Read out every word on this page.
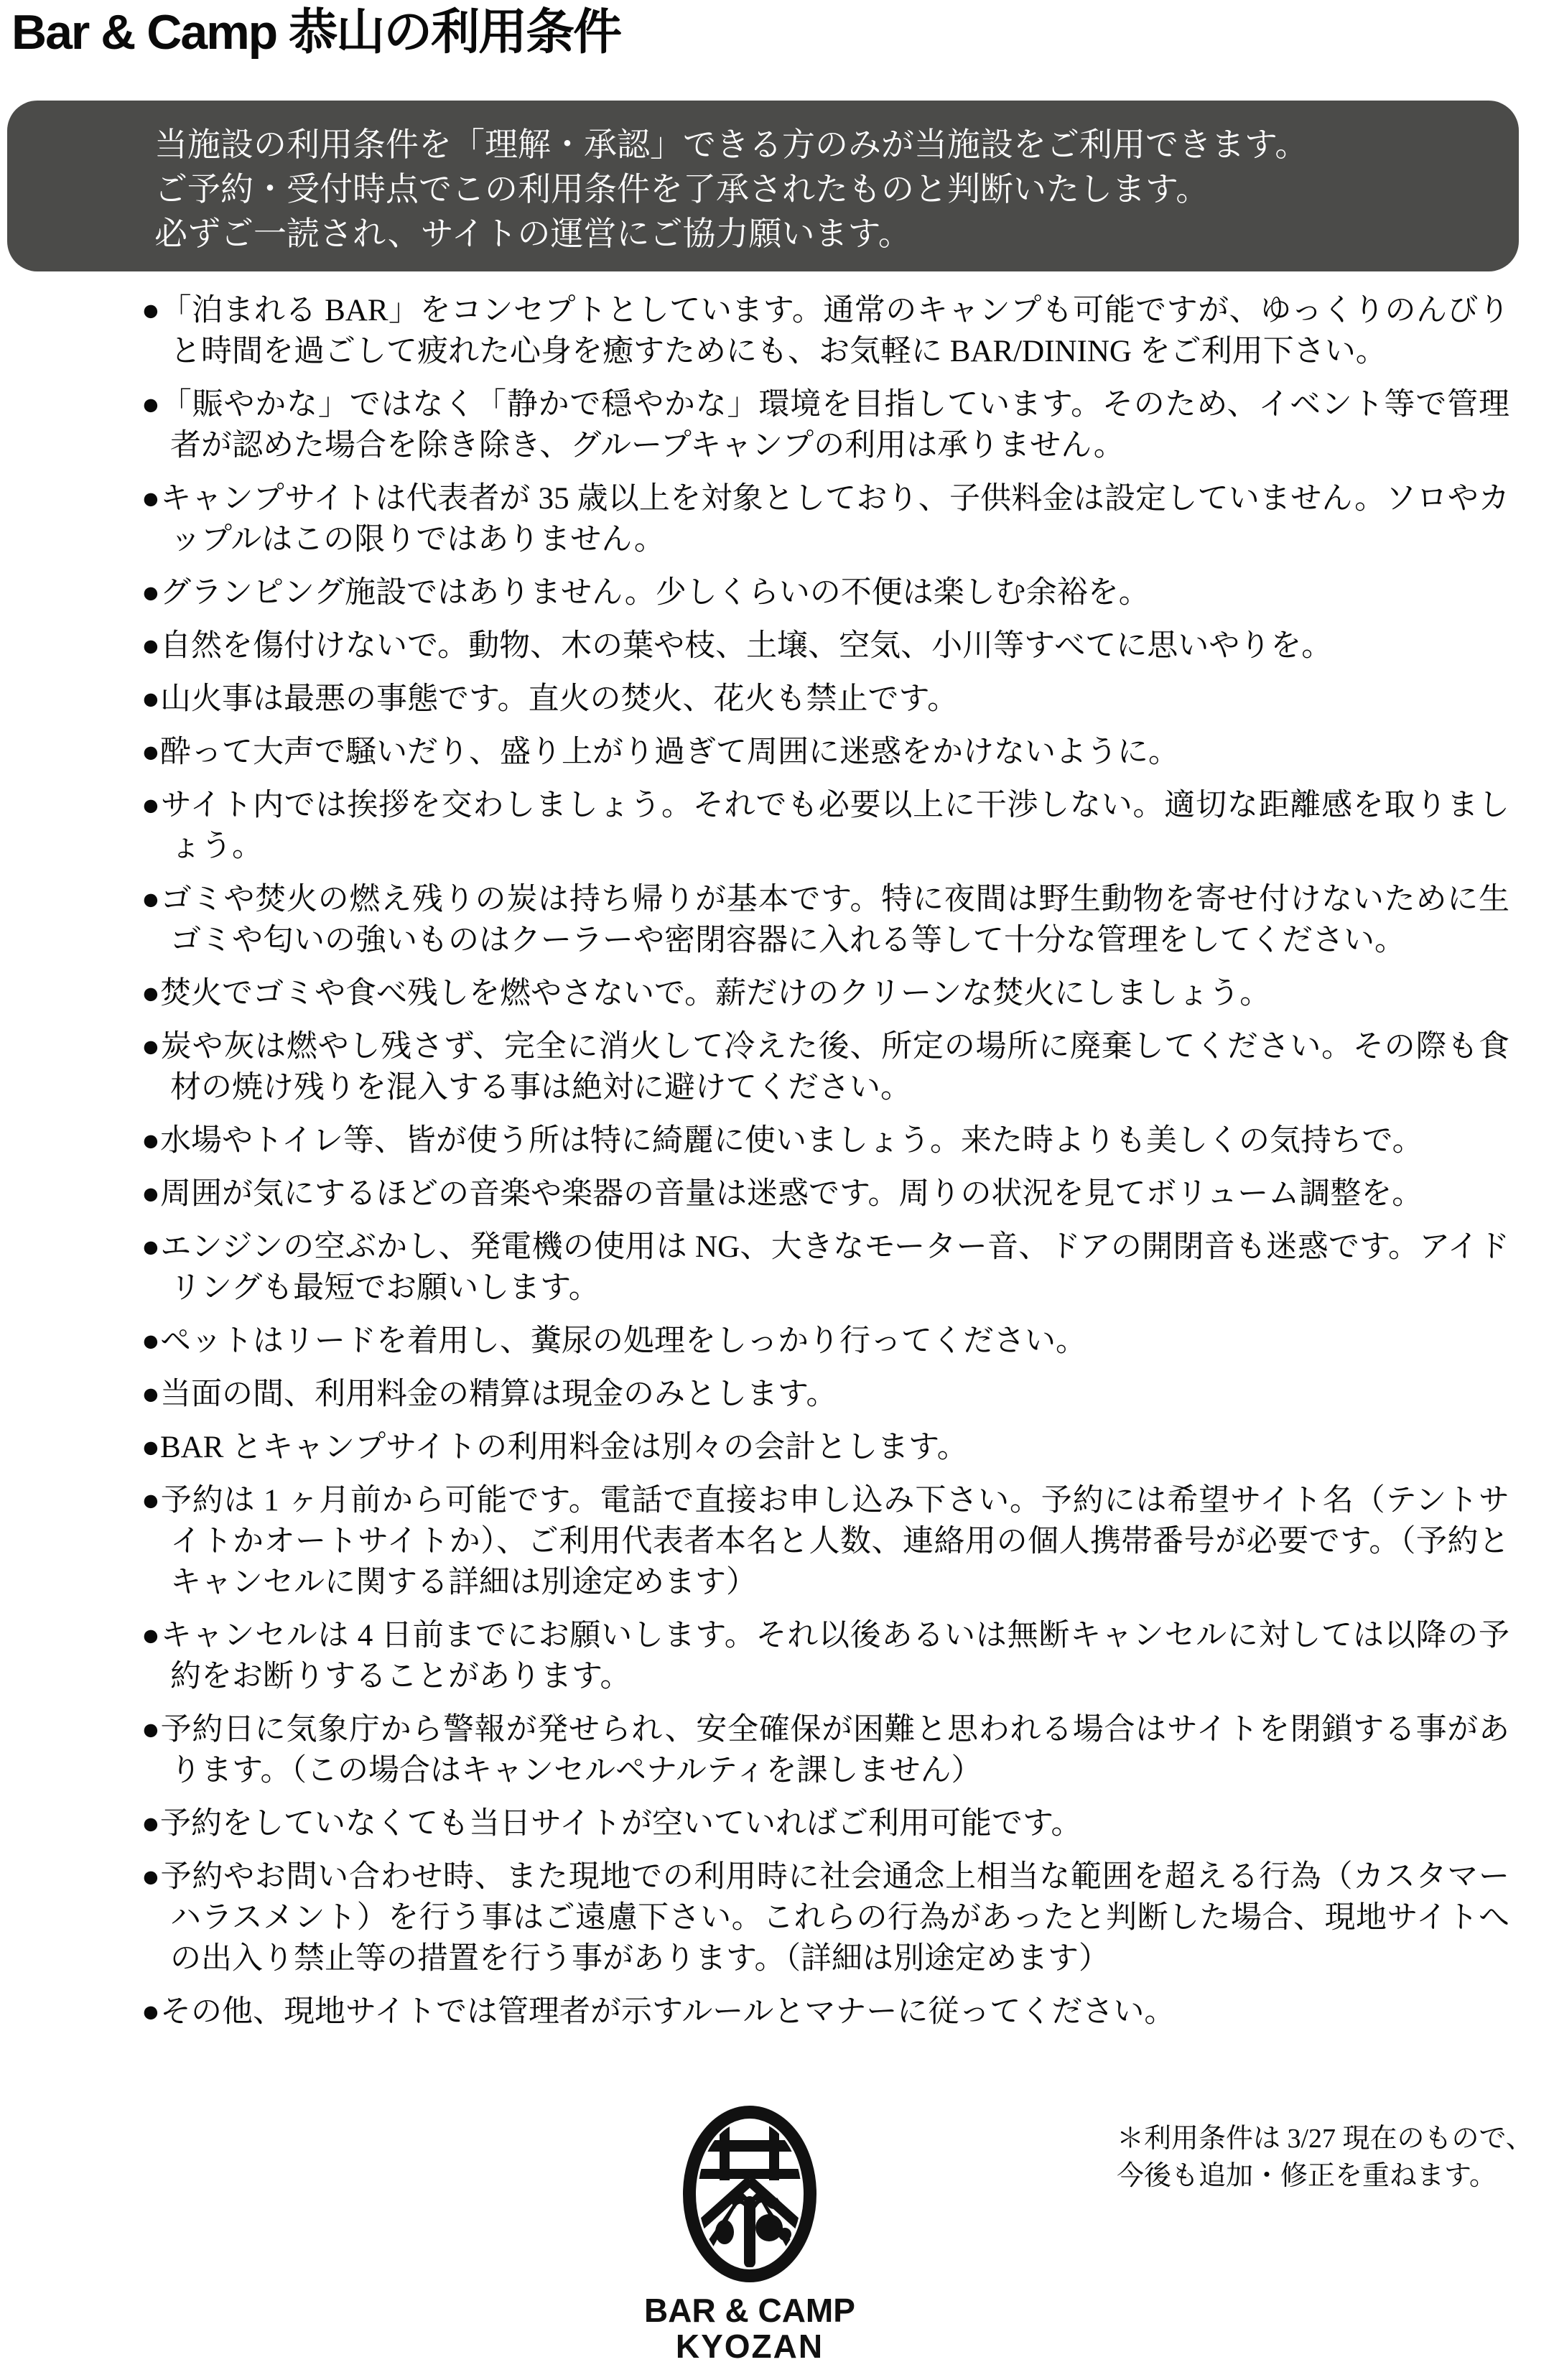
Bar & Camp 恭山の利用条件
当施設の利用条件を「理解・承認」できる方のみが当施設をご利用できます。
ご予約・受付時点でこの利用条件を了承されたものと判断いたします。
必ずご一読され、サイトの運営にご協力願います。
●「泊まれる BAR」をコンセプトとしています。通常のキャンプも可能ですが、ゆっくりのんびりと時間を過ごして疲れた心身を癒すためにも、お気軽に BAR/DINING をご利用下さい。
●「賑やかな」ではなく「静かで穏やかな」環境を目指しています。そのため、イベント等で管理者が認めた場合を除き除き、グループキャンプの利用は承りません。
●キャンプサイトは代表者が 35 歳以上を対象としており、子供料金は設定していません。ソロやカップルはこの限りではありません。
●グランピング施設ではありません。少しくらいの不便は楽しむ余裕を。
●自然を傷付けないで。動物、木の葉や枝、土壌、空気、小川等すべてに思いやりを。
●山火事は最悪の事態です。直火の焚火、花火も禁止です。
●酔って大声で騒いだり、盛り上がり過ぎて周囲に迷惑をかけないように。
●サイト内では挨拶を交わしましょう。それでも必要以上に干渉しない。適切な距離感を取りましょう。
●ゴミや焚火の燃え残りの炭は持ち帰りが基本です。特に夜間は野生動物を寄せ付けないために生ゴミや匂いの強いものはクーラーや密閉容器に入れる等して十分な管理をしてください。
●焚火でゴミや食べ残しを燃やさないで。薪だけのクリーンな焚火にしましょう。
●炭や灰は燃やし残さず、完全に消火して冷えた後、所定の場所に廃棄してください。その際も食材の焼け残りを混入する事は絶対に避けてください。
●水場やトイレ等、皆が使う所は特に綺麗に使いましょう。来た時よりも美しくの気持ちで。
●周囲が気にするほどの音楽や楽器の音量は迷惑です。周りの状況を見てボリューム調整を。
●エンジンの空ぶかし、発電機の使用は NG、大きなモーター音、ドアの開閉音も迷惑です。アイドリングも最短でお願いします。
●ペットはリードを着用し、糞尿の処理をしっかり行ってください。
●当面の間、利用料金の精算は現金のみとします。
●BAR とキャンプサイトの利用料金は別々の会計とします。
●予約は 1 ヶ月前から可能です。電話で直接お申し込み下さい。予約には希望サイト名（テントサイトかオートサイトか）、ご利用代表者本名と人数、連絡用の個人携帯番号が必要です。（予約とキャンセルに関する詳細は別途定めます）
●キャンセルは 4 日前までにお願いします。それ以後あるいは無断キャンセルに対しては以降の予約をお断りすることがあります。
●予約日に気象庁から警報が発せられ、安全確保が困難と思われる場合はサイトを閉鎖する事があります。（この場合はキャンセルペナルティを課しません）
●予約をしていなくても当日サイトが空いていればご利用可能です。
●予約やお問い合わせ時、また現地での利用時に社会通念上相当な範囲を超える行為（カスタマーハラスメント）を行う事はご遠慮下さい。これらの行為があったと判断した場合、現地サイトへの出入り禁止等の措置を行う事があります。（詳細は別途定めます）
●その他、現地サイトでは管理者が示すルールとマナーに従ってください。
BAR & CAMP
KYOZAN
＊利用条件は 3/27 現在のもので、
今後も追加・修正を重ねます。
